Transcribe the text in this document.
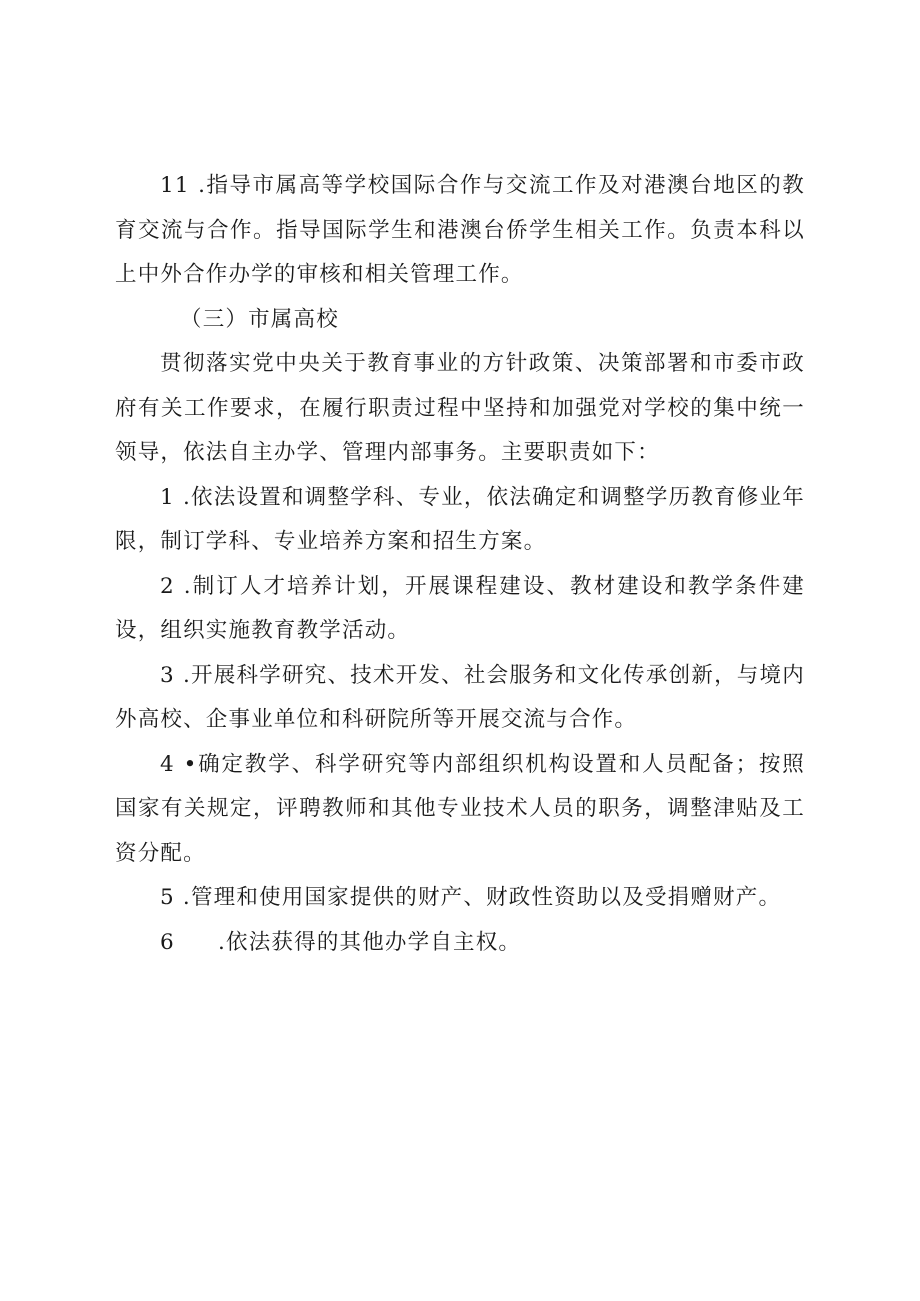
11 .指导市属高等学校国际合作与交流工作及对港澳台地区的教育交流与合作。指导国际学生和港澳台侨学生相关工作。负责本科以上中外合作办学的审核和相关管理工作。

（三）市属高校

贯彻落实党中央关于教育事业的方针政策、决策部署和市委市政府有关工作要求，在履行职责过程中坚持和加强党对学校的集中统一领导，依法自主办学、管理内部事务。主要职责如下：

1 .依法设置和调整学科、专业，依法确定和调整学历教育修业年限，制订学科、专业培养方案和招生方案。

2 .制订人才培养计划，开展课程建设、教材建设和教学条件建设，组织实施教育教学活动。

3 .开展科学研究、技术开发、社会服务和文化传承创新，与境内外高校、企事业单位和科研院所等开展交流与合作。

4 •确定教学、科学研究等内部组织机构设置和人员配备；按照国家有关规定，评聘教师和其他专业技术人员的职务，调整津贴及工资分配。

5 .管理和使用国家提供的财产、财政性资助以及受捐赠财产。

6 .依法获得的其他办学自主权。
